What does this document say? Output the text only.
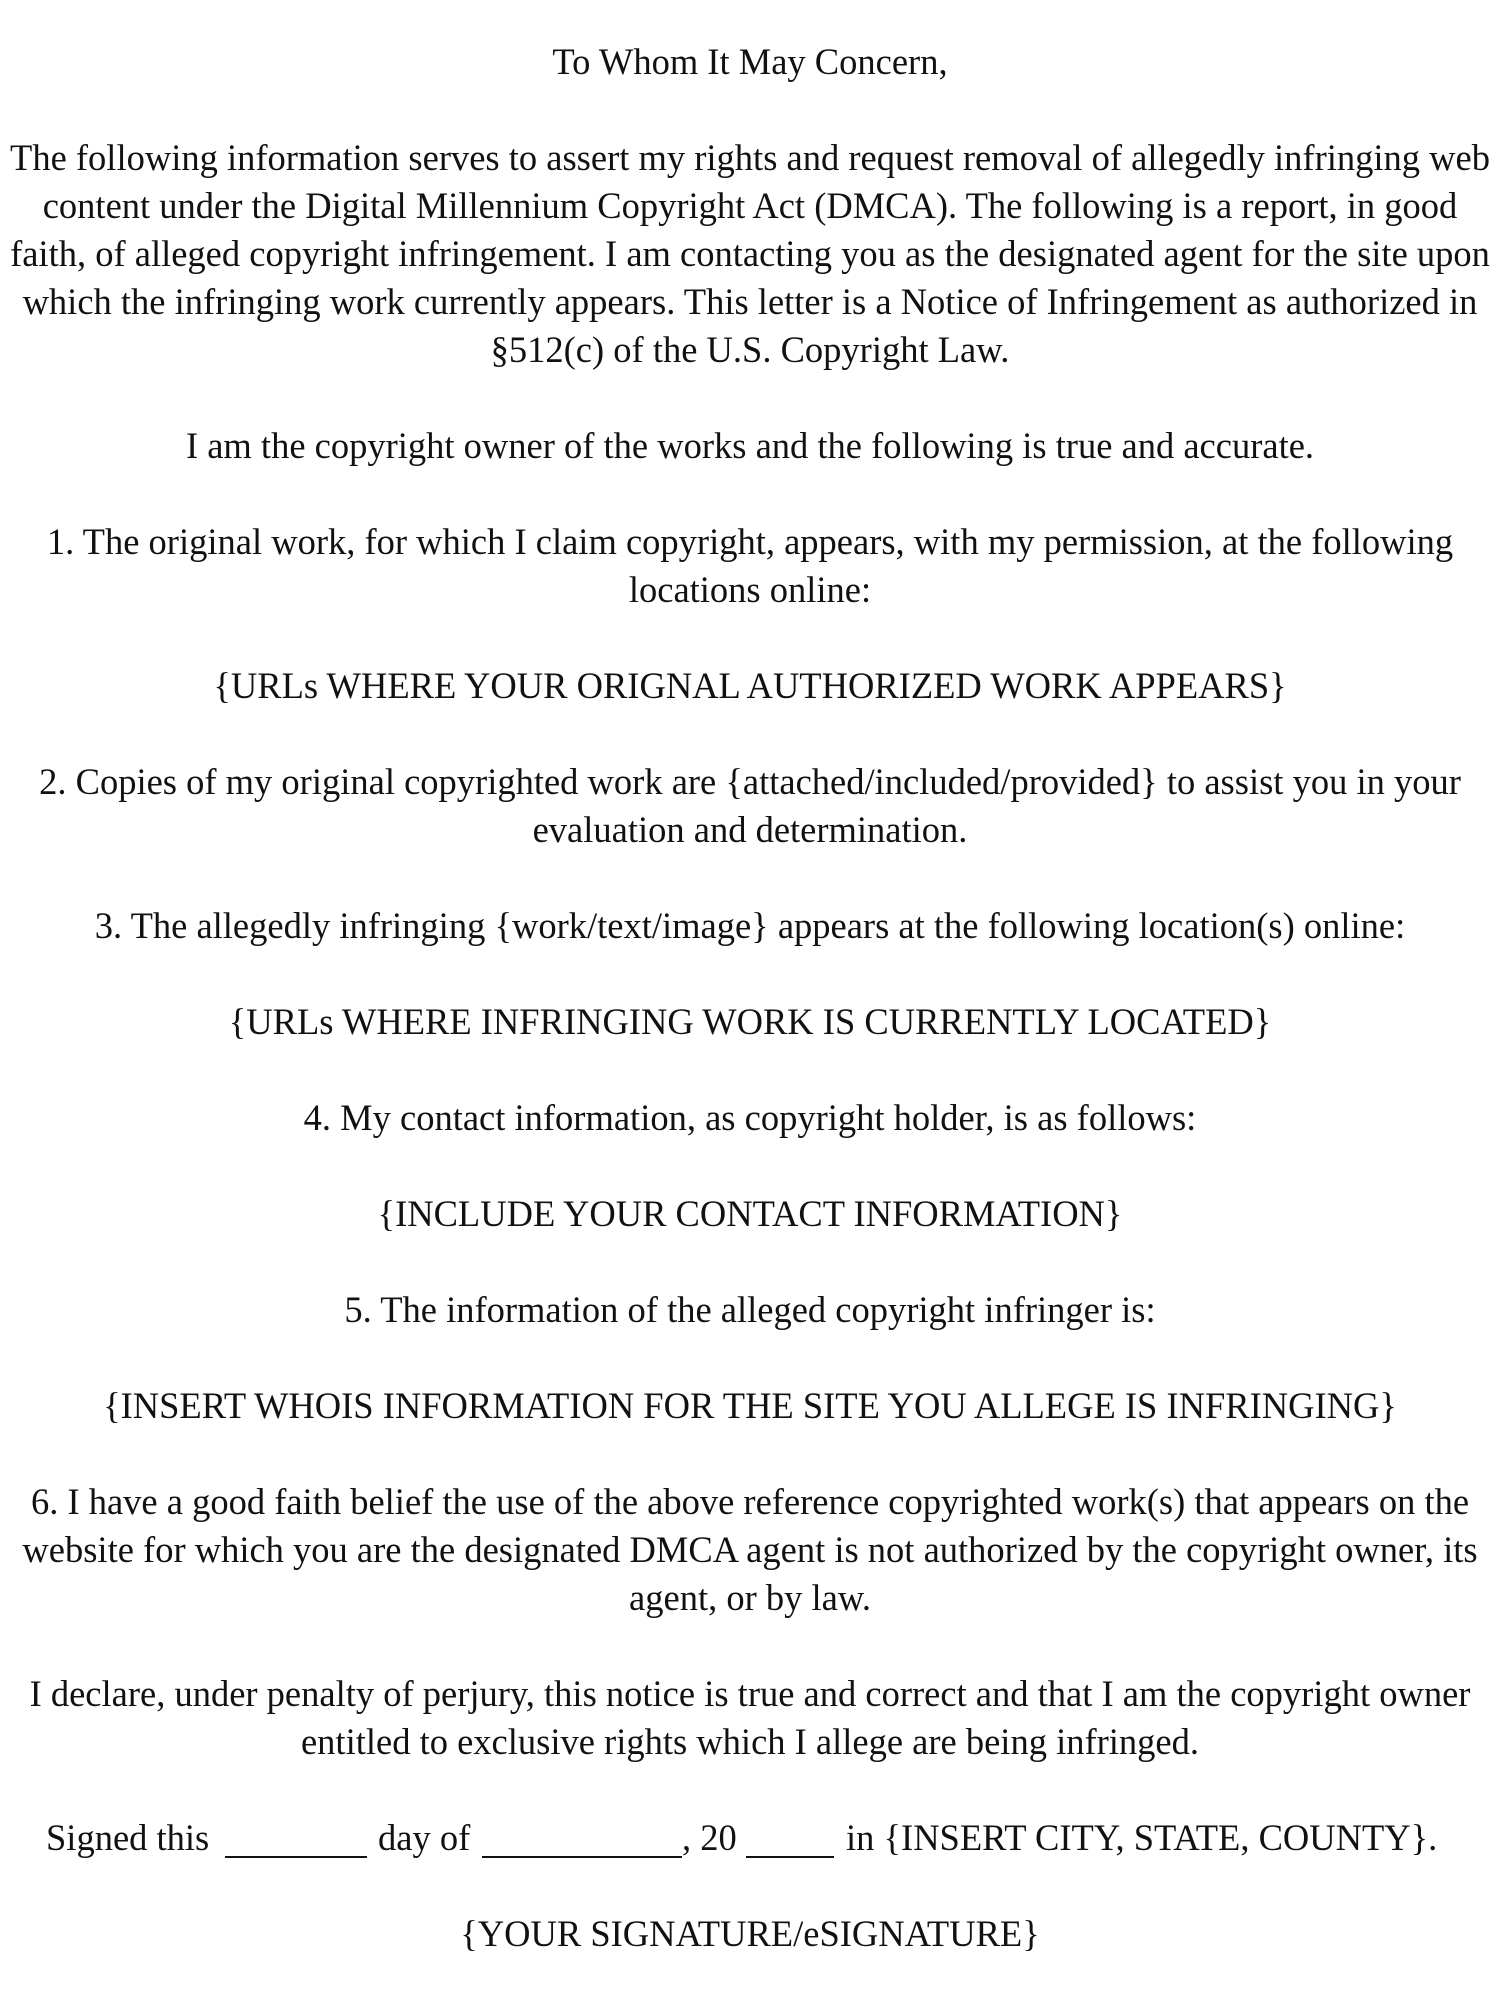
To Whom It May Concern,

The following information serves to assert my rights and request removal of allegedly infringing web content under the Digital Millennium Copyright Act (DMCA). The following is a report, in good faith, of alleged copyright infringement. I am contacting you as the designated agent for the site upon which the infringing work currently appears. This letter is a Notice of Infringement as authorized in §512(c) of the U.S. Copyright Law.

I am the copyright owner of the works and the following is true and accurate.

1. The original work, for which I claim copyright, appears, with my permission, at the following locations online:

{URLs WHERE YOUR ORIGNAL AUTHORIZED WORK APPEARS}

2. Copies of my original copyrighted work are {attached/included/provided} to assist you in your evaluation and determination.

3. The allegedly infringing {work/text/image} appears at the following location(s) online:

{URLs WHERE INFRINGING WORK IS CURRENTLY LOCATED}

4. My contact information, as copyright holder, is as follows:

{INCLUDE YOUR CONTACT INFORMATION}

5. The information of the alleged copyright infringer is:

{INSERT WHOIS INFORMATION FOR THE SITE YOU ALLEGE IS INFRINGING}

6. I have a good faith belief the use of the above reference copyrighted work(s) that appears on the website for which you are the designated DMCA agent is not authorized by the copyright owner, its agent, or by law.

I declare, under penalty of perjury, this notice is true and correct and that I am the copyright owner entitled to exclusive rights which I allege are being infringed.

Signed this	day of	, 20	in {INSERT CITY, STATE, COUNTY}.

{YOUR SIGNATURE/eSIGNATURE}
